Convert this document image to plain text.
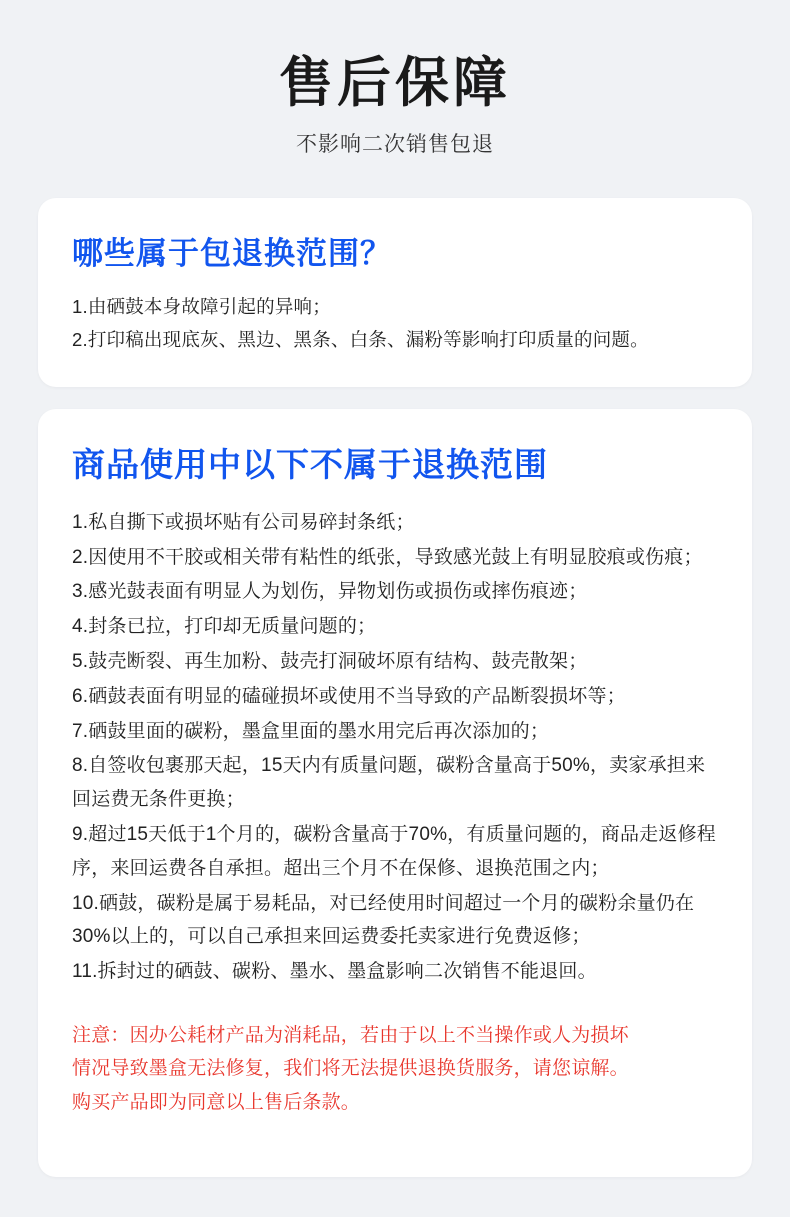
售后保障
不影响二次销售包退
哪些属于包退换范围？
1.由硒鼓本身故障引起的异响；
2.打印稿出现底灰、黑边、黑条、白条、漏粉等影响打印质量的问题。
商品使用中以下不属于退换范围
1.私自撕下或损坏贴有公司易碎封条纸；
2.因使用不干胶或相关带有粘性的纸张，导致感光鼓上有明显胶痕或伤痕；
3.感光鼓表面有明显人为划伤，异物划伤或损伤或摔伤痕迹；
4.封条已拉，打印却无质量问题的；
5.鼓壳断裂、再生加粉、鼓壳打洞破坏原有结构、鼓壳散架；
6.硒鼓表面有明显的磕碰损坏或使用不当导致的产品断裂损坏等；
7.硒鼓里面的碳粉，墨盒里面的墨水用完后再次添加的；
8.自签收包裹那天起，15天内有质量问题，碳粉含量高于50%，卖家承担来回运费无条件更换；
9.超过15天低于1个月的，碳粉含量高于70%，有质量问题的，商品走返修程序，来回运费各自承担。超出三个月不在保修、退换范围之内；
10.硒鼓，碳粉是属于易耗品，对已经使用时间超过一个月的碳粉余量仍在30%以上的，可以自己承担来回运费委托卖家进行免费返修；
11.拆封过的硒鼓、碳粉、墨水、墨盒影响二次销售不能退回。
注意：因办公耗材产品为消耗品，若由于以上不当操作或人为损坏
情况导致墨盒无法修复，我们将无法提供退换货服务，请您谅解。
购买产品即为同意以上售后条款。
